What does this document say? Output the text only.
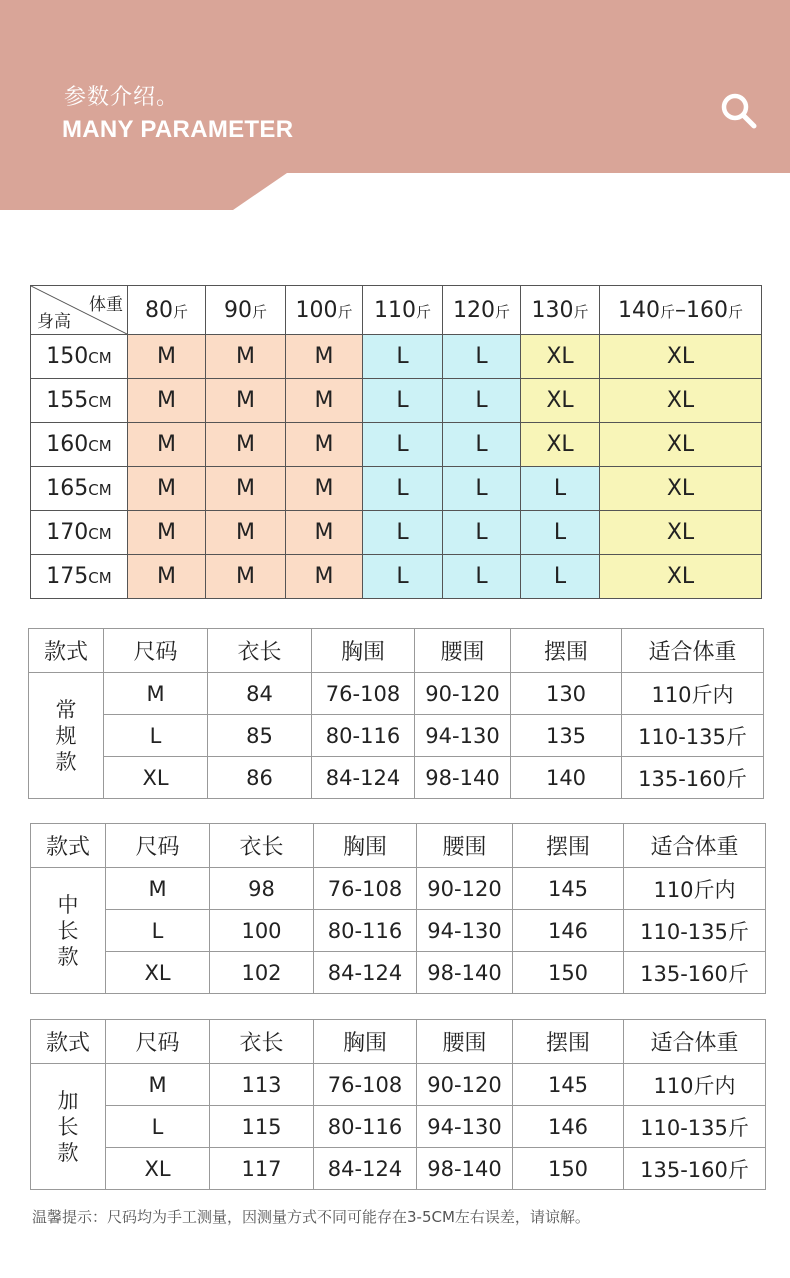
参数介绍。
MANY PARAMETER
体重
身高	80斤	90斤	100斤	110斤	120斤	130斤	140斤–160斤
150CM	M	M	M	L	L	XL	XL
155CM	M	M	M	L	L	XL	XL
160CM	M	M	M	L	L	XL	XL
165CM	M	M	M	L	L	L	XL
170CM	M	M	M	L	L	L	XL
175CM	M	M	M	L	L	L	XL
款式	尺码	衣长	胸围	腰围	摆围	适合体重

常规款	M	84	76-108	90-120	130	110斤内
	L	85	80-116	94-130	135	110-135斤
	XL	86	84-124	98-140	140	135-160斤
款式	尺码	衣长	胸围	腰围	摆围	适合体重

中长款	M	98	76-108	90-120	145	110斤内
	L	100	80-116	94-130	146	110-135斤
	XL	102	84-124	98-140	150	135-160斤
款式	尺码	衣长	胸围	腰围	摆围	适合体重

加长款	M	113	76-108	90-120	145	110斤内
	L	115	80-116	94-130	146	110-135斤
	XL	117	84-124	98-140	150	135-160斤
温馨提示：尺码均为手工测量，因测量方式不同可能存在3-5CM左右误差，请谅解。
